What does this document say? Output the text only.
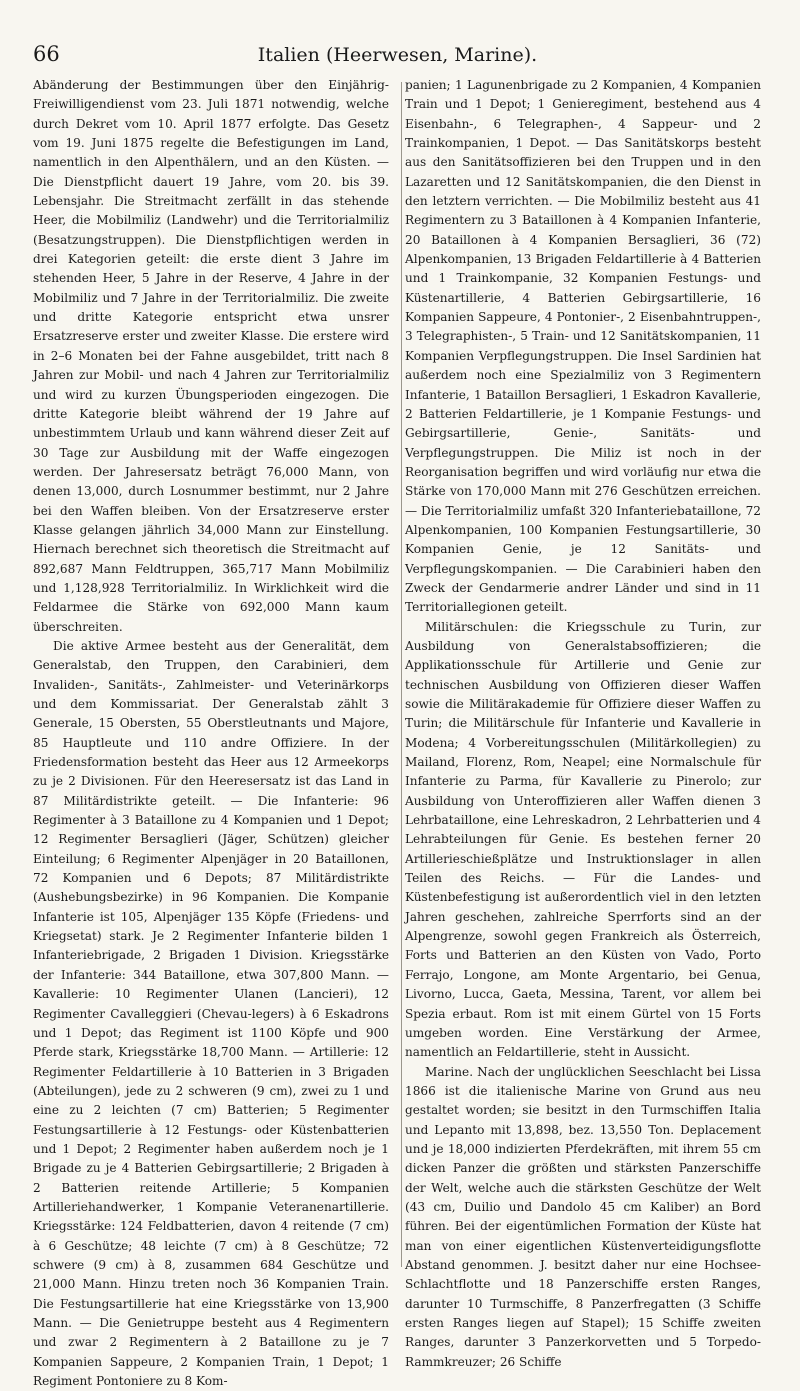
66	Italien (Heerwesen, Marine).

Abänderung der Bestimmungen über den Einjährig-Freiwilligendienst vom 23. Juli 1871 notwendig, welche durch Dekret vom 10. April 1877 erfolgte. Das Gesetz vom 19. Juni 1875 regelte die Befestigungen im Land, namentlich in den Alpenthälern, und an den Küsten. — Die Dienstpflicht dauert 19 Jahre, vom 20. bis 39. Lebensjahr. Die Streitmacht zerfällt in das stehende Heer, die Mobilmiliz (Landwehr) und die Territorialmiliz (Besatzungstruppen). Die Dienstpflichtigen werden in drei Kategorien geteilt: die erste dient 3 Jahre im stehenden Heer, 5 Jahre in der Reserve, 4 Jahre in der Mobilmiliz und 7 Jahre in der Territorialmiliz. Die zweite und dritte Kategorie entspricht etwa unsrer Ersatzreserve erster und zweiter Klasse. Die erstere wird in 2–6 Monaten bei der Fahne ausgebildet, tritt nach 8 Jahren zur Mobil- und nach 4 Jahren zur Territorialmiliz und wird zu kurzen Übungsperioden eingezogen. Die dritte Kategorie bleibt während der 19 Jahre auf unbestimmtem Urlaub und kann während dieser Zeit auf 30 Tage zur Ausbildung mit der Waffe eingezogen werden. Der Jahresersatz beträgt 76,000 Mann, von denen 13,000, durch Losnummer bestimmt, nur 2 Jahre bei den Waffen bleiben. Von der Ersatzreserve erster Klasse gelangen jährlich 34,000 Mann zur Einstellung. Hiernach berechnet sich theoretisch die Streitmacht auf 892,687 Mann Feldtruppen, 365,717 Mann Mobilmiliz und 1,128,928 Territorialmiliz. In Wirklichkeit wird die Feldarmee die Stärke von 692,000 Mann kaum überschreiten.

Die aktive Armee besteht aus der Generalität, dem Generalstab, den Truppen, den Carabinieri, dem Invaliden-, Sanitäts-, Zahlmeister- und Veterinärkorps und dem Kommissariat. Der Generalstab zählt 3 Generale, 15 Obersten, 55 Oberstleutnants und Majore, 85 Hauptleute und 110 andre Offiziere. In der Friedensformation besteht das Heer aus 12 Armeekorps zu je 2 Divisionen. Für den Heeresersatz ist das Land in 87 Militärdistrikte geteilt. — Die Infanterie: 96 Regimenter à 3 Bataillone zu 4 Kompanien und 1 Depot; 12 Regimenter Bersaglieri (Jäger, Schützen) gleicher Einteilung; 6 Regimenter Alpenjäger in 20 Bataillonen, 72 Kompanien und 6 Depots; 87 Militärdistrikte (Aushebungsbezirke) in 96 Kompanien. Die Kompanie Infanterie ist 105, Alpenjäger 135 Köpfe (Friedens- und Kriegsetat) stark. Je 2 Regimenter Infanterie bilden 1 Infanteriebrigade, 2 Brigaden 1 Division. Kriegsstärke der Infanterie: 344 Bataillone, etwa 307,800 Mann. — Kavallerie: 10 Regimenter Ulanen (Lancieri), 12 Regimenter Cavalleggieri (Chevau-legers) à 6 Eskadrons und 1 Depot; das Regiment ist 1100 Köpfe und 900 Pferde stark, Kriegsstärke 18,700 Mann. — Artillerie: 12 Regimenter Feldartillerie à 10 Batterien in 3 Brigaden (Abteilungen), jede zu 2 schweren (9 cm), zwei zu 1 und eine zu 2 leichten (7 cm) Batterien; 5 Regimenter Festungsartillerie à 12 Festungs- oder Küstenbatterien und 1 Depot; 2 Regimenter haben außerdem noch je 1 Brigade zu je 4 Batterien Gebirgsartillerie; 2 Brigaden à 2 Batterien reitende Artillerie; 5 Kompanien Artilleriehandwerker, 1 Kompanie Veteranenartillerie. Kriegsstärke: 124 Feldbatterien, davon 4 reitende (7 cm) à 6 Geschütze; 48 leichte (7 cm) à 8 Geschütze; 72 schwere (9 cm) à 8, zusammen 684 Geschütze und 21,000 Mann. Hinzu treten noch 36 Kompanien Train. Die Festungsartillerie hat eine Kriegsstärke von 13,900 Mann. — Die Genietruppe besteht aus 4 Regimentern und zwar 2 Regimentern à 2 Bataillone zu je 7 Kompanien Sappeure, 2 Kompanien Train, 1 Depot; 1 Regiment Pontoniere zu 8 Kom-

panien; 1 Lagunenbrigade zu 2 Kompanien, 4 Kompanien Train und 1 Depot; 1 Genieregiment, bestehend aus 4 Eisenbahn-, 6 Telegraphen-, 4 Sappeur- und 2 Trainkompanien, 1 Depot. — Das Sanitätskorps besteht aus den Sanitätsoffizieren bei den Truppen und in den Lazaretten und 12 Sanitätskompanien, die den Dienst in den letztern verrichten. — Die Mobilmiliz besteht aus 41 Regimentern zu 3 Bataillonen à 4 Kompanien Infanterie, 20 Bataillonen à 4 Kompanien Bersaglieri, 36 (72) Alpenkompanien, 13 Brigaden Feldartillerie à 4 Batterien und 1 Trainkompanie, 32 Kompanien Festungs- und Küstenartillerie, 4 Batterien Gebirgsartillerie, 16 Kompanien Sappeure, 4 Pontonier-, 2 Eisenbahntruppen-, 3 Telegraphisten-, 5 Train- und 12 Sanitätskompanien, 11 Kompanien Verpflegungstruppen. Die Insel Sardinien hat außerdem noch eine Spezialmiliz von 3 Regimentern Infanterie, 1 Bataillon Bersaglieri, 1 Eskadron Kavallerie, 2 Batterien Feldartillerie, je 1 Kompanie Festungs- und Gebirgsartillerie, Genie-, Sanitäts- und Verpflegungstruppen. Die Miliz ist noch in der Reorganisation begriffen und wird vorläufig nur etwa die Stärke von 170,000 Mann mit 276 Geschützen erreichen. — Die Territorialmiliz umfaßt 320 Infanteriebataillone, 72 Alpenkompanien, 100 Kompanien Festungsartillerie, 30 Kompanien Genie, je 12 Sanitäts- und Verpflegungskompanien. — Die Carabinieri haben den Zweck der Gendarmerie andrer Länder und sind in 11 Territoriallegionen geteilt.

Militärschulen: die Kriegsschule zu Turin, zur Ausbildung von Generalstabsoffizieren; die Applikationsschule für Artillerie und Genie zur technischen Ausbildung von Offizieren dieser Waffen sowie die Militärakademie für Offiziere dieser Waffen zu Turin; die Militärschule für Infanterie und Kavallerie in Modena; 4 Vorbereitungsschulen (Militärkollegien) zu Mailand, Florenz, Rom, Neapel; eine Normalschule für Infanterie zu Parma, für Kavallerie zu Pinerolo; zur Ausbildung von Unteroffizieren aller Waffen dienen 3 Lehrbataillone, eine Lehreskadron, 2 Lehrbatterien und 4 Lehrabteilungen für Genie. Es bestehen ferner 20 Artillerieschießplätze und Instruktionslager in allen Teilen des Reichs. — Für die Landes- und Küstenbefestigung ist außerordentlich viel in den letzten Jahren geschehen, zahlreiche Sperrforts sind an der Alpengrenze, sowohl gegen Frankreich als Österreich, Forts und Batterien an den Küsten von Vado, Porto Ferrajo, Longone, am Monte Argentario, bei Genua, Livorno, Lucca, Gaeta, Messina, Tarent, vor allem bei Spezia erbaut. Rom ist mit einem Gürtel von 15 Forts umgeben worden. Eine Verstärkung der Armee, namentlich an Feldartillerie, steht in Aussicht.

Marine. Nach der unglücklichen Seeschlacht bei Lissa 1866 ist die italienische Marine von Grund aus neu gestaltet worden; sie besitzt in den Turmschiffen Italia und Lepanto mit 13,898, bez. 13,550 Ton. Deplacement und je 18,000 indizierten Pferdekräften, mit ihrem 55 cm dicken Panzer die größten und stärksten Panzerschiffe der Welt, welche auch die stärksten Geschütze der Welt (43 cm, Duilio und Dandolo 45 cm Kaliber) an Bord führen. Bei der eigentümlichen Formation der Küste hat man von einer eigentlichen Küstenverteidigungsflotte Abstand genommen. J. besitzt daher nur eine Hochsee-Schlachtflotte und 18 Panzerschiffe ersten Ranges, darunter 10 Turmschiffe, 8 Panzerfregatten (3 Schiffe ersten Ranges liegen auf Stapel); 15 Schiffe zweiten Ranges, darunter 3 Panzerkorvetten und 5 Torpedo-Rammkreuzer; 26 Schiffe
